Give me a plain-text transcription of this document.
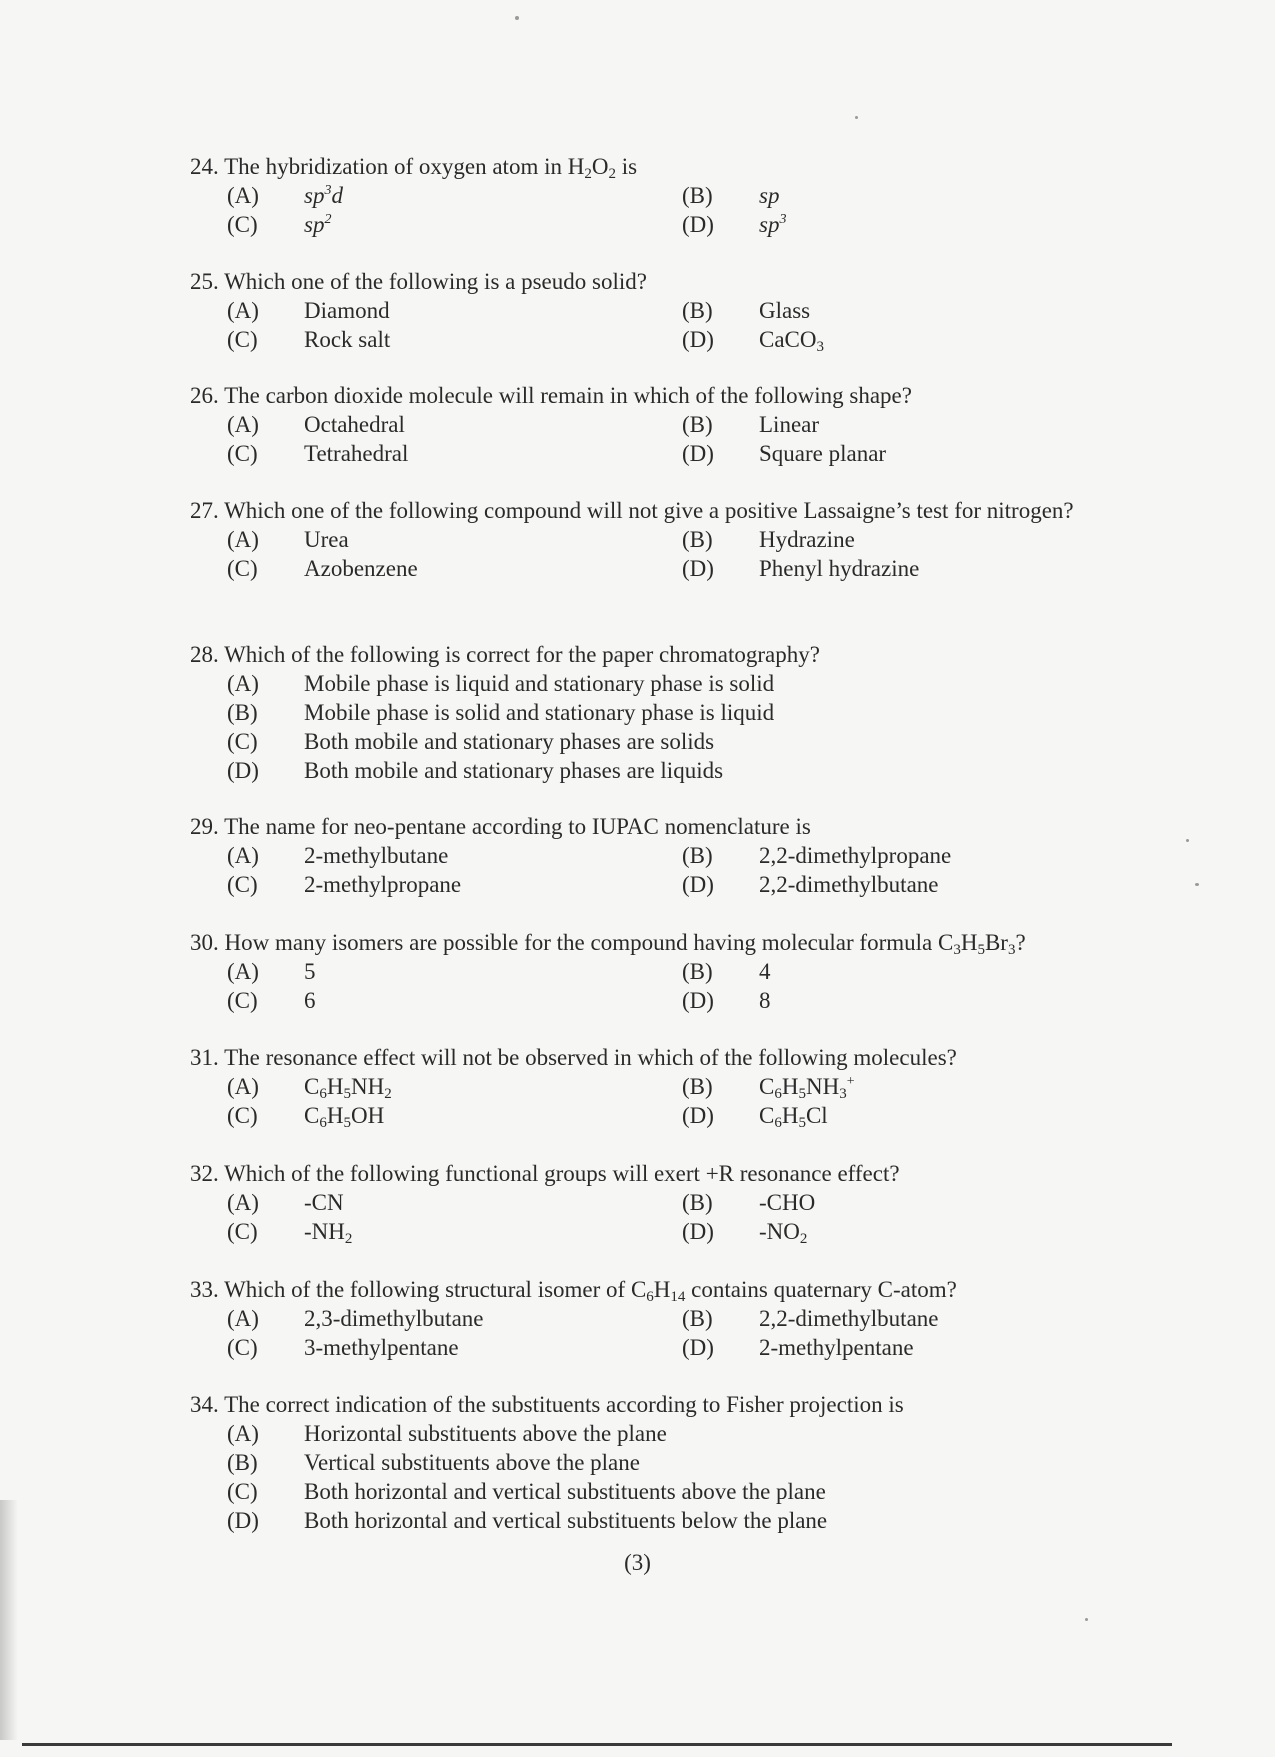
24. The hybridization of oxygen atom in $H_2O_2$ is
(A)	$sp^3d$	(B)	sp
(C)	$sp^2$	(D)	$sp^3$
25. Which one of the following is a pseudo solid?
(A)	Diamond	(B)	Glass
(C)	Rock salt	(D)	CaCO$_3$
26. The carbon dioxide molecule will remain in which of the following shape?
(A)	Octahedral	(B)	Linear
(C)	Tetrahedral	(D)	Square planar
27. Which one of the following compound will not give a positive Lassaigne’s test for nitrogen?
(A)	Urea	(B)	Hydrazine
(C)	Azobenzene	(D)	Phenyl hydrazine
28. Which of the following is correct for the paper chromatography?
(A)	Mobile phase is liquid and stationary phase is solid
(B)	Mobile phase is solid and stationary phase is liquid
(C)	Both mobile and stationary phases are solids
(D)	Both mobile and stationary phases are liquids
29. The name for neo-pentane according to IUPAC nomenclature is
(A)	2-methylbutane	(B)	2,2-dimethylpropane
(C)	2-methylpropane	(D)	2,2-dimethylbutane
30. How many isomers are possible for the compound having molecular formula $C_3H_5Br_3$?
(A)	5	(B)	4
(C)	6	(D)	8
31. The resonance effect will not be observed in which of the following molecules?
(A)	$C_6H_5NH_2$	(B)	$C_6H_5NH_3^+$
(C)	$C_6H_5OH$	(D)	$C_6H_5Cl$
32. Which of the following functional groups will exert +R resonance effect?
(A)	-CN	(B)	-CHO
(C)	$-NH_2$	(D)	$-NO_2$
33. Which of the following structural isomer of $C_6H_{14}$ contains quaternary C-atom?
(A)	2,3-dimethylbutane	(B)	2,2-dimethylbutane
(C)	3-methylpentane	(D)	2-methylpentane
34. The correct indication of the substituents according to Fisher projection is
(A)	Horizontal substituents above the plane
(B)	Vertical substituents above the plane
(C)	Both horizontal and vertical substituents above the plane
(D)	Both horizontal and vertical substituents below the plane
(3)
